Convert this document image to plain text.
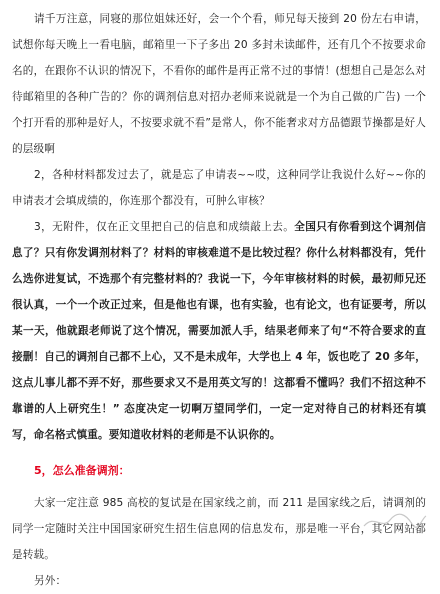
请千万注意，同寝的那位姐妹还好，会一个个看，师兄每天接到 20 份左右申请，试想你每天晚上一看电脑，邮箱里一下子多出 20 多封未读邮件，还有几个不按要求命名的，在跟你不认识的情况下，不看你的邮件是再正常不过的事情！(想想自己是怎么对待邮箱里的各种广告的？你的调剂信息对招办老师来说就是一个为自己做的广告) 一个个打开看的那种是好人，不按要求就不看”是常人，你不能奢求对方品德跟节操都是好人的层级啊

2，各种材料都发过去了，就是忘了申请表~~哎，这种同学让我说什么好~~你的申请表才会填成绩的，你连那个都没有，可肿么审核？

3，无附件，仅在正文里把自己的信息和成绩敲上去。全国只有你看到这个调剂信息了？只有你发调剂材料了？材料的审核难道不是比较过程？你什么材料都没有，凭什么选你进复试，不选那个有完整材料的？我说一下，今年审核材料的时候，最初师兄还很认真，一个一个改正过来，但是他也有课，也有实验，也有论文，也有证要考，所以某一天，他就跟老师说了这个情况，需要加派人手，结果老师来了句“不符合要求的直接删！自己的调剂自己都不上心，又不是未成年，大学也上 4 年，饭也吃了 20 多年，这点儿事儿都不弄不好，那些要求又不是用英文写的！这都看不懂吗？我们不招这种不靠谱的人上研究生！” 态度决定一切啊万望同学们，一定一定对待自己的材料还有填写，命名格式慎重。要知道收材料的老师是不认识你的。

5，怎么准备调剂：

大家一定注意 985 高校的复试是在国家线之前，而 211 是国家线之后，请调剂的同学一定随时关注中国国家研究生招生信息网的信息发布，那是唯一平台，其它网站都是转载。

另外：
